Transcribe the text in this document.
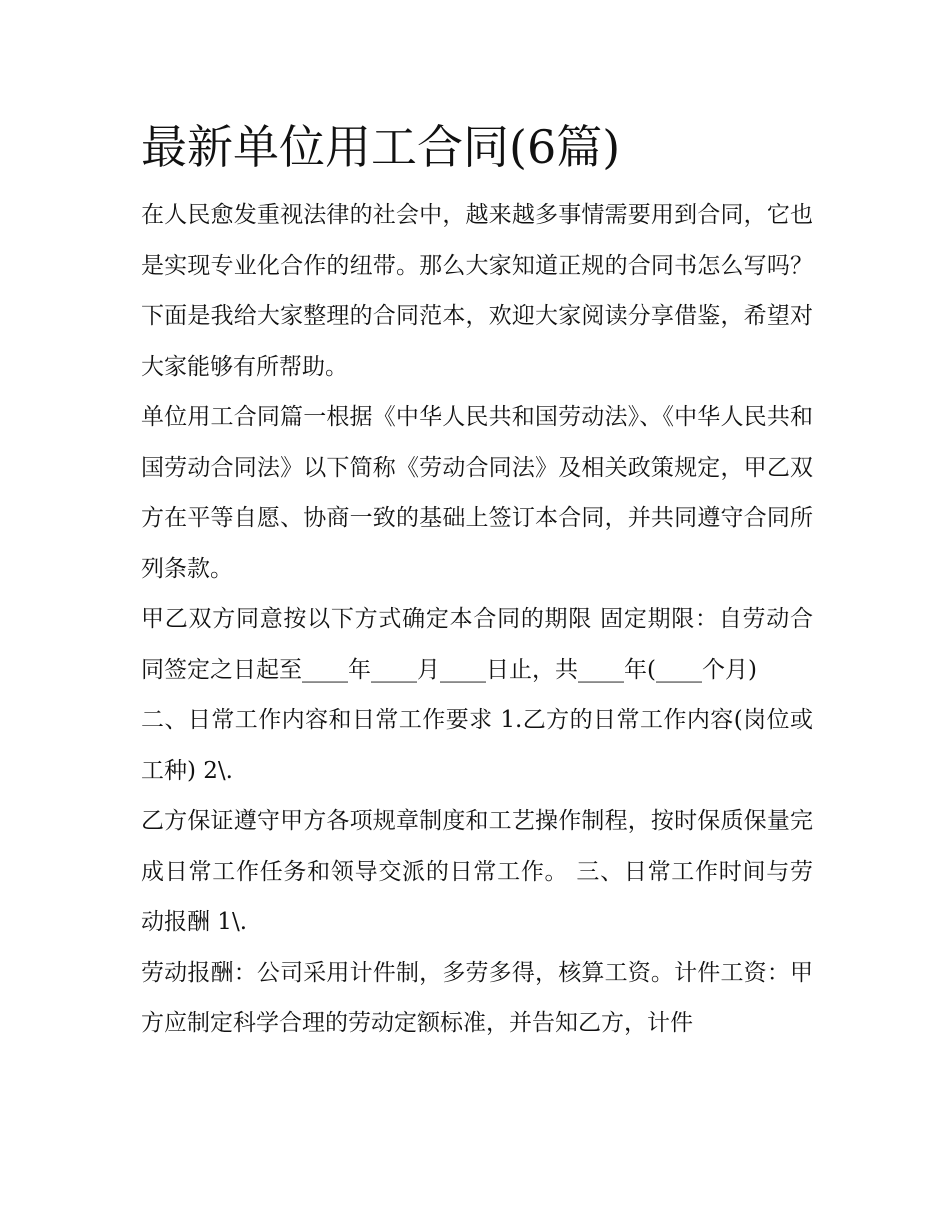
最新单位用工合同(6篇)

在人民愈发重视法律的社会中，越来越多事情需要用到合同，它也是实现专业化合作的纽带。那么大家知道正规的合同书怎么写吗？下面是我给大家整理的合同范本，欢迎大家阅读分享借鉴，希望对大家能够有所帮助。

单位用工合同篇一根据《中华人民共和国劳动法》、《中华人民共和国劳动合同法》以下简称《劳动合同法》及相关政策规定，甲乙双方在平等自愿、协商一致的基础上签订本合同，并共同遵守合同所列条款。

甲乙双方同意按以下方式确定本合同的期限 固定期限：自劳动合同签定之日起至____年____月____日止，共____年(____个月)

二、日常工作内容和日常工作要求 1.乙方的日常工作内容(岗位或工种) 2\.

乙方保证遵守甲方各项规章制度和工艺操作制程，按时保质保量完成日常工作任务和领导交派的日常工作。 三、日常工作时间与劳动报酬 1\.

劳动报酬：公司采用计件制，多劳多得，核算工资。计件工资：甲方应制定科学合理的劳动定额标准，并告知乙方，计件
